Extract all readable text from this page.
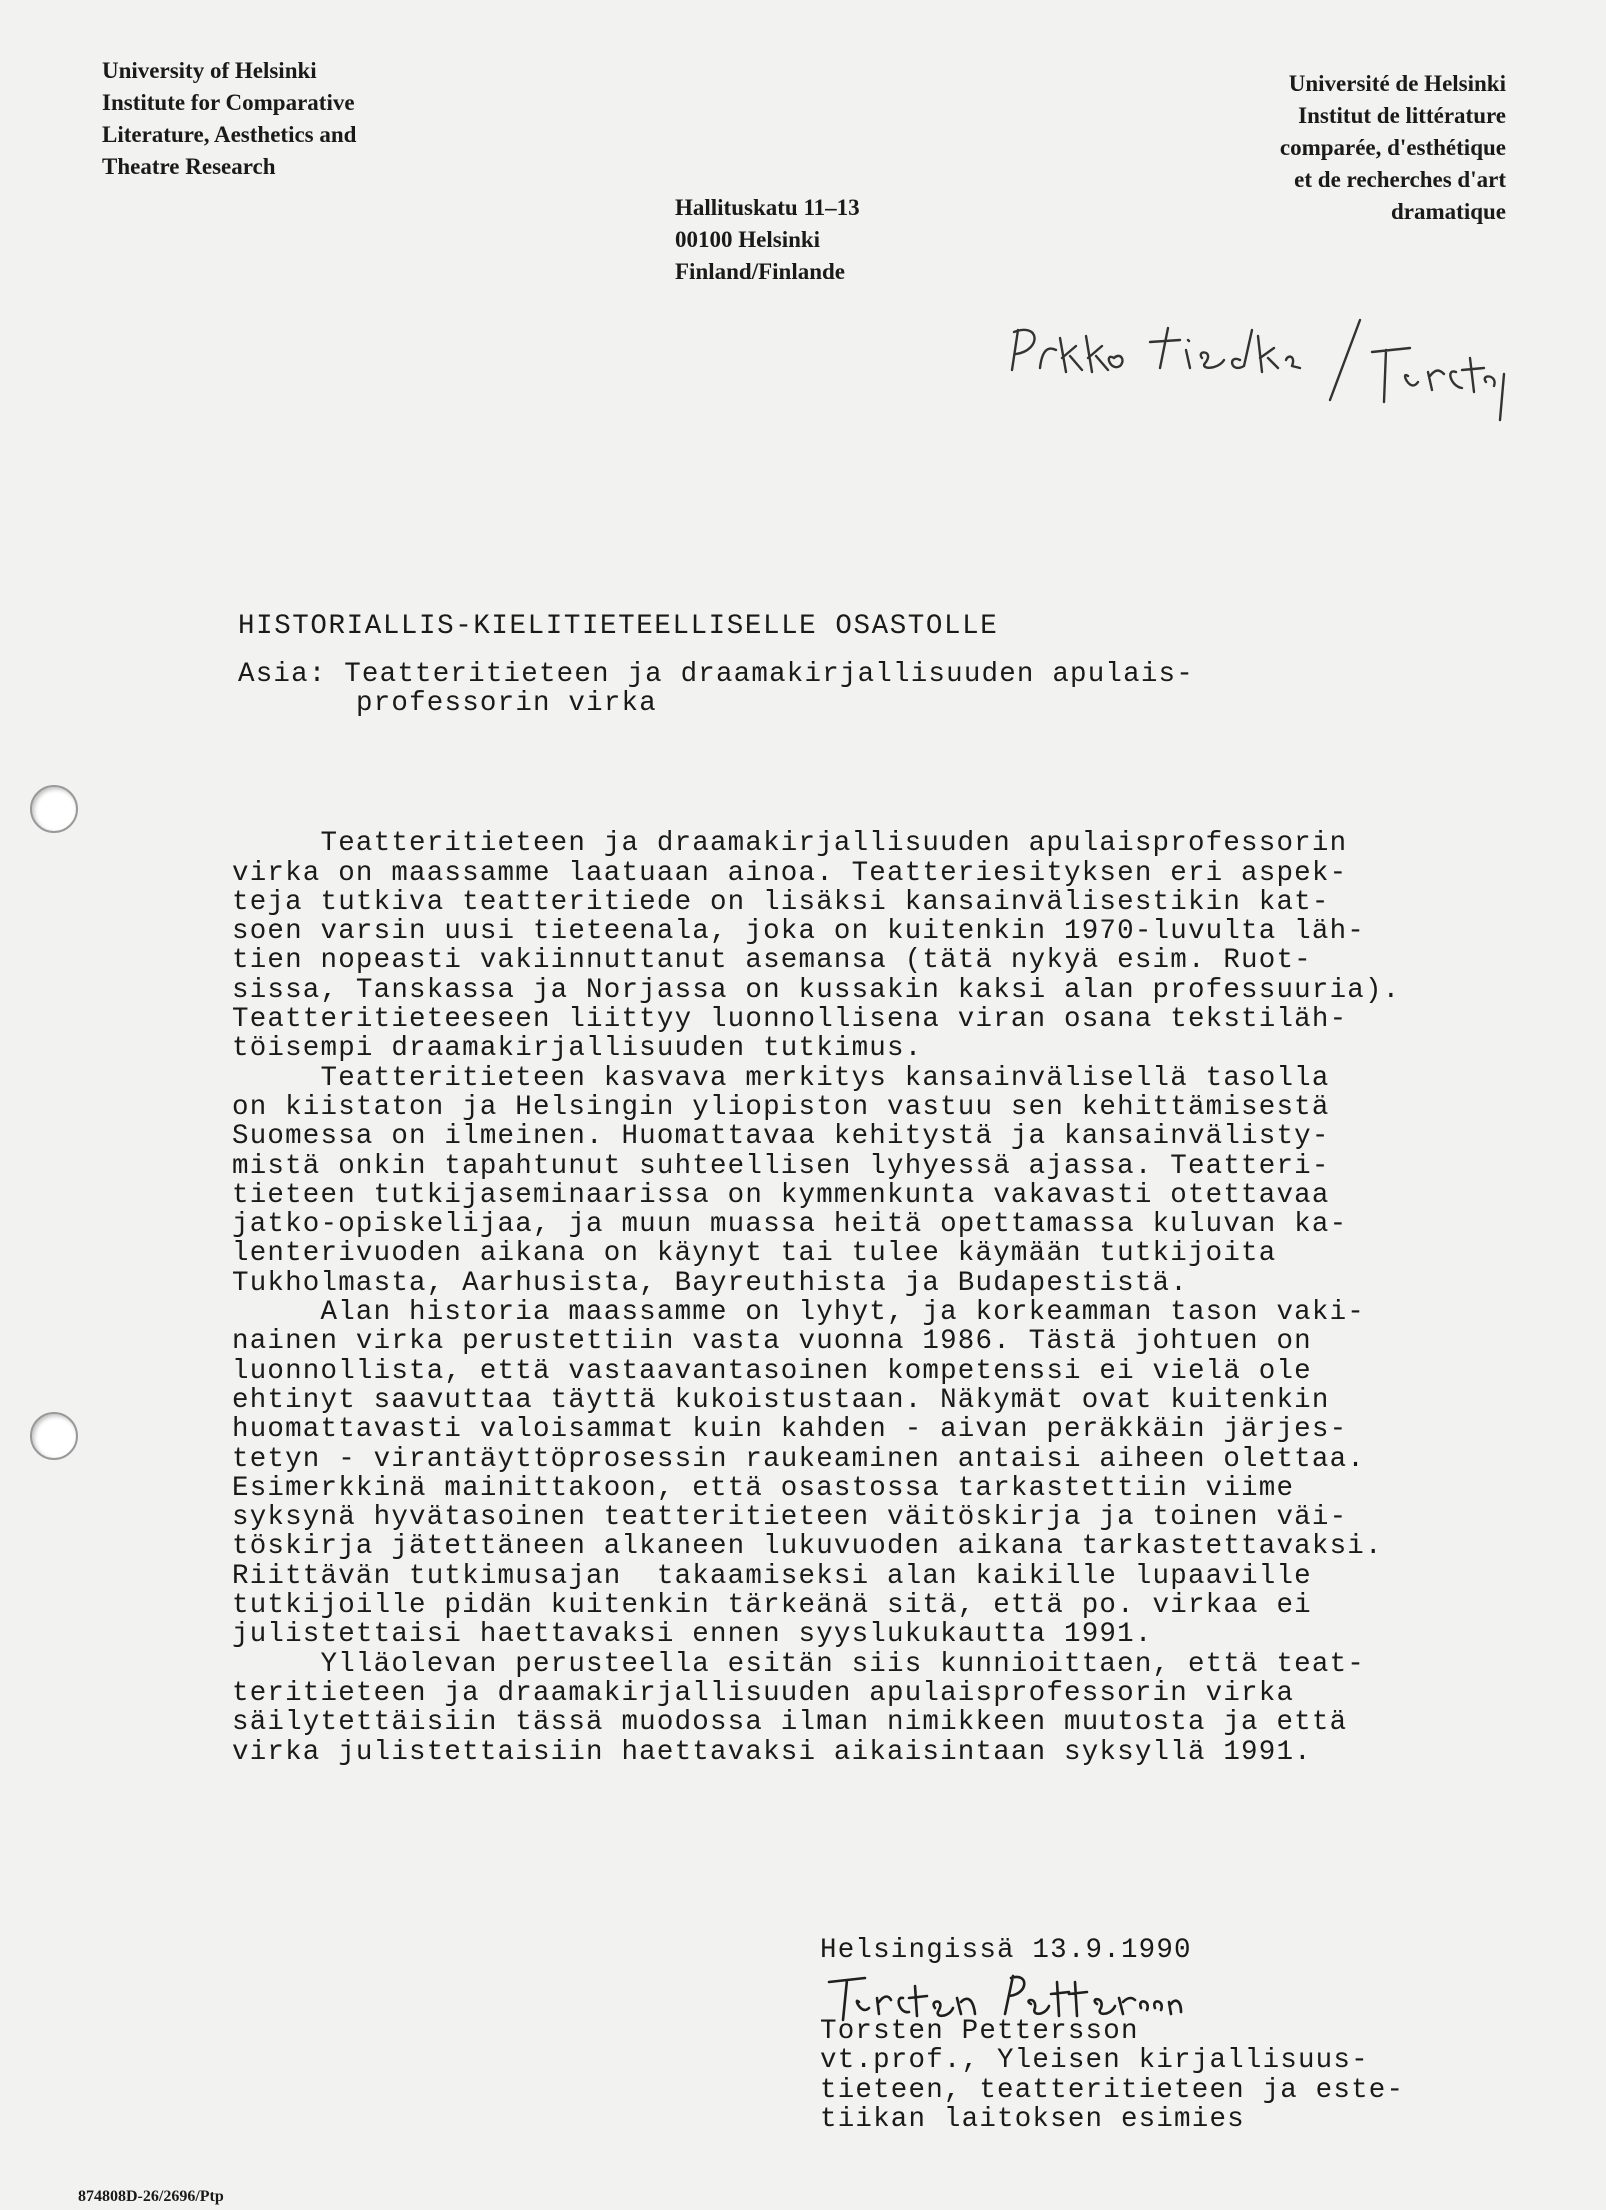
University of Helsinki
Institute for Comparative
Literature, Aesthetics and
Theatre Research
Université de Helsinki
Institut de littérature
comparée, d'esthétique
et de recherches d'art
dramatique
Hallituskatu 11–13
00100 Helsinki
Finland/Finlande
HISTORIALLIS-KIELITIETEELLISELLE OSASTOLLE
Asia: Teatteritieteen ja draamakirjallisuuden apulais-
professorin virka

Teatteritieteen ja draamakirjallisuuden apulaisprofessorin
virka on maassamme laatuaan ainoa. Teatteriesityksen eri aspek-
teja tutkiva teatteritiede on lisäksi kansainvälisestikin kat-
soen varsin uusi tieteenala, joka on kuitenkin 1970-luvulta läh-
tien nopeasti vakiinnuttanut asemansa (tätä nykyä esim. Ruot-
sissa, Tanskassa ja Norjassa on kussakin kaksi alan professuuria).
Teatteritieteeseen liittyy luonnollisena viran osana tekstiläh-
töisempi draamakirjallisuuden tutkimus.
Teatteritieteen kasvava merkitys kansainvälisellä tasolla
on kiistaton ja Helsingin yliopiston vastuu sen kehittämisestä
Suomessa on ilmeinen. Huomattavaa kehitystä ja kansainvälisty-
mistä onkin tapahtunut suhteellisen lyhyessä ajassa. Teatteri-
tieteen tutkijaseminaarissa on kymmenkunta vakavasti otettavaa
jatko-opiskelijaa, ja muun muassa heitä opettamassa kuluvan ka-
lenterivuoden aikana on käynyt tai tulee käymään tutkijoita
Tukholmasta, Aarhusista, Bayreuthista ja Budapestistä.
Alan historia maassamme on lyhyt, ja korkeamman tason vaki-
nainen virka perustettiin vasta vuonna 1986. Tästä johtuen on
luonnollista, että vastaavantasoinen kompetenssi ei vielä ole
ehtinyt saavuttaa täyttä kukoistustaan. Näkymät ovat kuitenkin
huomattavasti valoisammat kuin kahden - aivan peräkkäin järjes-
tetyn - virantäyttöprosessin raukeaminen antaisi aiheen olettaa.
Esimerkkinä mainittakoon, että osastossa tarkastettiin viime
syksynä hyvätasoinen teatteritieteen väitöskirja ja toinen väi-
töskirja jätettäneen alkaneen lukuvuoden aikana tarkastettavaksi.
Riittävän tutkimusajan  takaamiseksi alan kaikille lupaaville
tutkijoille pidän kuitenkin tärkeänä sitä, että po. virkaa ei
julistettaisi haettavaksi ennen syyslukukautta 1991.
Ylläolevan perusteella esitän siis kunnioittaen, että teat-
teritieteen ja draamakirjallisuuden apulaisprofessorin virka
säilytettäisiin tässä muodossa ilman nimikkeen muutosta ja että
virka julistettaisiin haettavaksi aikaisintaan syksyllä 1991.
Helsingissä 13.9.1990
Torsten Pettersson
vt.prof., Yleisen kirjallisuus-
tieteen, teatteritieteen ja este-
tiikan laitoksen esimies
874808D-26/2696/Ptp
